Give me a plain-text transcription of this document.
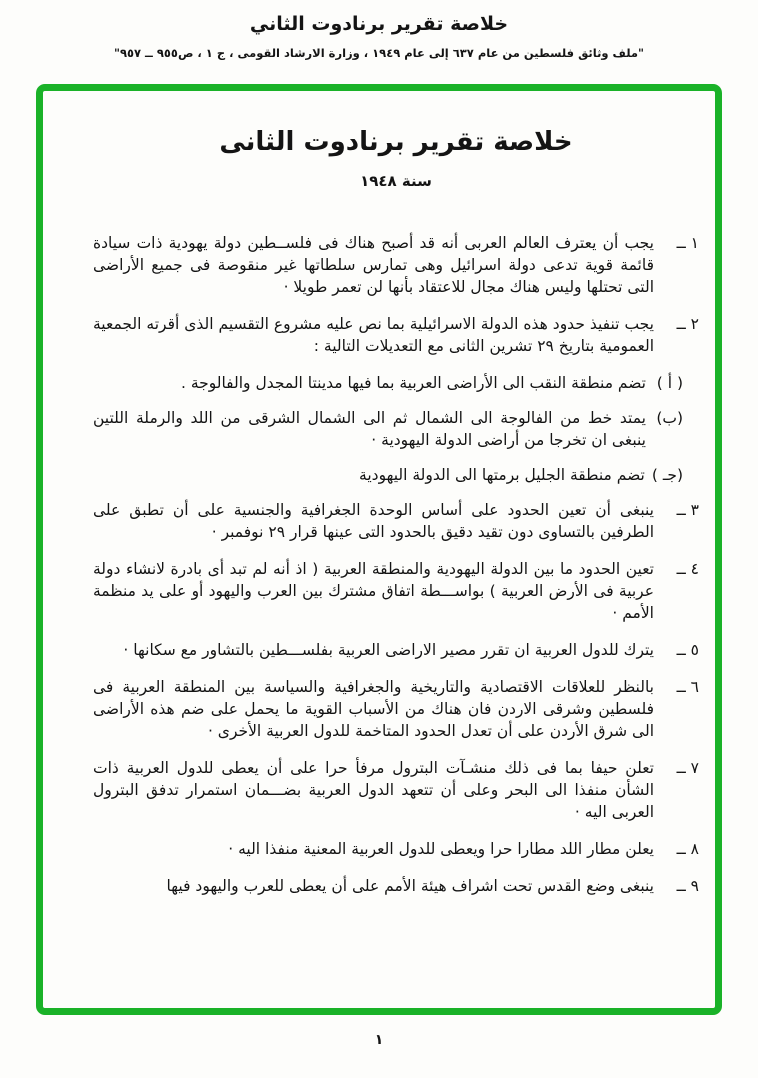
خلاصة تقرير برنادوت الثاني
"ملف وثائق فلسطين من عام ٦٣٧ إلى عام ١٩٤٩ ، وزارة الارشاد القومى ، ج ١ ، ص٩٥٥ ــ ٩٥٧"
خلاصة تقرير برنادوت الثانى
سنة ١٩٤٨
١ ــ

يجب أن يعترف العالم العربى أنه قد أصبح هناك فى فلســطين دولة يهودية ذات سيادة قائمة قوية تدعى دولة اسرائيل وهى تمارس سلطاتها غير منقوصة فى جميع الأراضى التى تحتلها وليس هناك مجال للاعتقاد بأنها لن تعمر طويلا ·

٢ ــ

يجب تنفيذ حدود هذه الدولة الاسرائيلية بما نص عليه مشروع التقسيم الذى أقرته الجمعية العمومية بتاريخ ٢٩ تشرين الثانى مع التعديلات التالية :

( أ )

تضم منطقة النقب الى الأراضى العربية بما فيها مدينتا المجدل والفالوجة .

(ب)

يمتد خط من الفالوجة الى الشمال ثم الى الشمال الشرقى من اللد والرملة اللتين ينبغى ان تخرجا من أراضى الدولة اليهودية ·

(جـ )

تضم منطقة الجليل برمتها الى الدولة اليهودية

٣ ــ

ينبغى أن تعين الحدود على أساس الوحدة الجغرافية والجنسية على أن تطبق على الطرفين بالتساوى دون تقيد دقيق بالحدود التى عينها قرار ٢٩ نوفمبر ·

٤ ــ

تعين الحدود ما بين الدولة اليهودية والمنطقة العربية ( اذ أنه لم تبد أى بادرة لانشاء دولة عربية فى الأرض العربية ) بواســـطة اتفاق مشترك بين العرب واليهود أو على يد منظمة الأمم ·

٥ ــ

يترك للدول العربية ان تقرر مصير الاراضى العربية بفلســـطين بالتشاور مع سكانها ·

٦ ــ

بالنظر للعلاقات الاقتصادية والتاريخية والجغرافية والسياسة بين المنطقة العربية فى فلسطين وشرقى الاردن فان هناك من الأسباب القوية ما يحمل على ضم هذه الأراضى الى شرق الأردن على أن تعدل الحدود المتاخمة للدول العربية الأخرى ·

٧ ــ

تعلن حيفا بما فى ذلك منشـآت البترول مرفأ حرا على أن يعطى للدول العربية ذات الشأن منفذا الى البحر وعلى أن تتعهد الدول العربية بضـــمان استمرار تدفق البترول العربى اليه ·

٨ ــ

يعلن مطار اللد مطارا حرا ويعطى للدول العربية المعنية منفذا اليه ·

٩ ــ

ينبغى وضع القدس تحت اشراف هيئة الأمم على أن يعطى للعرب واليهود فيها

١
